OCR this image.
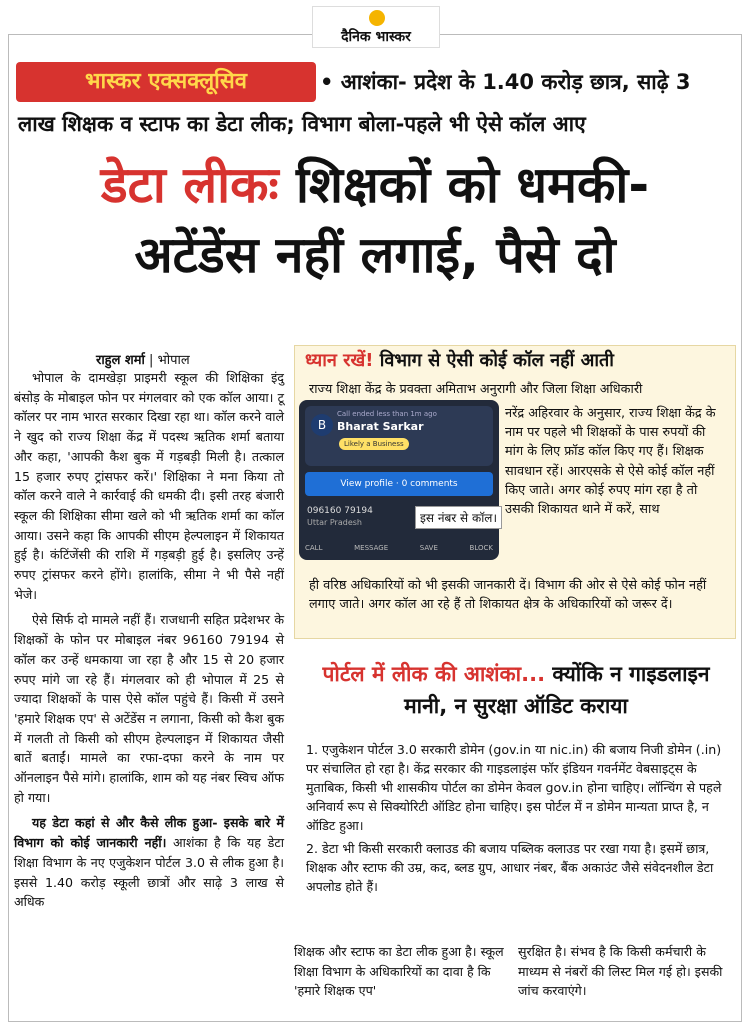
दैनिक भास्कर
भास्कर एक्सक्लूसिव	• आशंका- प्रदेश के 1.40 करोड़ छात्र, साढ़े 3
लाख शिक्षक व स्टाफ का डेटा लीक; विभाग बोला-पहले भी ऐसे कॉल आए
डेटा लीकः शिक्षकों को धमकी-
अटेंडेंस नहीं लगाई, पैसे दो
राहुल शर्मा | भोपाल

भोपाल के दामखेड़ा प्राइमरी स्कूल की शिक्षिका इंदु बंसोड़ के मोबाइल फोन पर मंगलवार को एक कॉल आया। टू कॉलर पर नाम भारत सरकार दिखा रहा था। कॉल करने वाले ने खुद को राज्य शिक्षा केंद्र में पदस्थ ऋतिक शर्मा बताया और कहा, 'आपकी कैश बुक में गड़बड़ी मिली है। तत्काल 15 हजार रुपए ट्रांसफर करें।' शिक्षिका ने मना किया तो कॉल करने वाले ने कार्रवाई की धमकी दी। इसी तरह बंजारी स्कूल की शिक्षिका सीमा खले को भी ऋतिक शर्मा का कॉल आया। उसने कहा कि आपकी सीएम हेल्पलाइन में शिकायत हुई है। कंटिंजेंसी की राशि में गड़बड़ी हुई है। इसलिए उन्हें रुपए ट्रांसफर करने होंगे। हालांकि, सीमा ने भी पैसे नहीं भेजे।

ऐसे सिर्फ दो मामले नहीं हैं। राजधानी सहित प्रदेशभर के शिक्षकों के फोन पर मोबाइल नंबर 96160 79194 से कॉल कर उन्हें धमकाया जा रहा है और 15 से 20 हजार रुपए मांगे जा रहे हैं। मंगलवार को ही भोपाल में 25 से ज्यादा शिक्षकों के पास ऐसे कॉल पहुंचे हैं। किसी में उसने 'हमारे शिक्षक एप' से अटेंडेंस न लगाना, किसी को कैश बुक में गलती तो किसी को सीएम हेल्पलाइन में शिकायत जैसी बातें बताईं। मामले का रफा-दफा करने के नाम पर ऑनलाइन पैसे मांगे। हालांकि, शाम को यह नंबर स्विच ऑफ हो गया।

यह डेटा कहां से और कैसे लीक हुआ- इसके बारे में विभाग को कोई जानकारी नहीं। आशंका है कि यह डेटा शिक्षा विभाग के नए एजुकेशन पोर्टल 3.0 से लीक हुआ है। इससे 1.40 करोड़ स्कूली छात्रों और साढ़े 3 लाख से अधिक

ध्यान रखें! विभाग से ऐसी कोई कॉल नहीं आती
राज्य शिक्षा केंद्र के प्रवक्ता अमिताभ अनुरागी और जिला शिक्षा अधिकारी
B
Call ended less than 1m ago
Bharat Sarkar
Likely a Business
View profile · 0 comments
096160 79194
Uttar Pradesh
CALL	MESSAGE	SAVE	BLOCK
इस नंबर से कॉल।
नरेंद्र अहिरवार के अनुसार, राज्य शिक्षा केंद्र के नाम पर पहले भी शिक्षकों के पास रुपयों की मांग के लिए फ्रॉड कॉल किए गए हैं। शिक्षक सावधान रहें। आरएसके से ऐसे कोई कॉल नहीं किए जाते। अगर कोई रुपए मांग रहा है तो उसकी शिकायत थाने में करें, साथ
ही वरिष्ठ अधिकारियों को भी इसकी जानकारी दें। विभाग की ओर से ऐसे कोई फोन नहीं लगाए जाते। अगर कॉल आ रहे हैं तो शिकायत क्षेत्र के अधिकारियों को जरूर दें।
पोर्टल में लीक की आशंका... क्योंकि न गाइडलाइन मानी, न सुरक्षा ऑडिट कराया

1. एजुकेशन पोर्टल 3.0 सरकारी डोमेन (gov.in या nic.in) की बजाय निजी डोमेन (.in) पर संचालित हो रहा है। केंद्र सरकार की गाइडलाइंस फॉर इंडियन गवर्नमेंट वेबसाइट्स के मुताबिक, किसी भी शासकीय पोर्टल का डोमेन केवल gov.in होना चाहिए। लॉन्चिंग से पहले अनिवार्य रूप से सिक्योरिटी ऑडिट होना चाहिए। इस पोर्टल में न डोमेन मान्यता प्राप्त है, न ऑडिट हुआ।

2. डेटा भी किसी सरकारी क्लाउड की बजाय पब्लिक क्लाउड पर रखा गया है। इसमें छात्र, शिक्षक और स्टाफ की उम्र, कद, ब्लड ग्रुप, आधार नंबर, बैंक अकाउंट जैसे संवेदनशील डेटा अपलोड होते हैं।

शिक्षक और स्टाफ का डेटा लीक हुआ है। स्कूल शिक्षा विभाग के अधिकारियों का दावा है कि 'हमारे शिक्षक एप'

सुरक्षित है। संभव है कि किसी कर्मचारी के माध्यम से नंबरों की लिस्ट मिल गई हो। इसकी जांच करवाएंगे।
